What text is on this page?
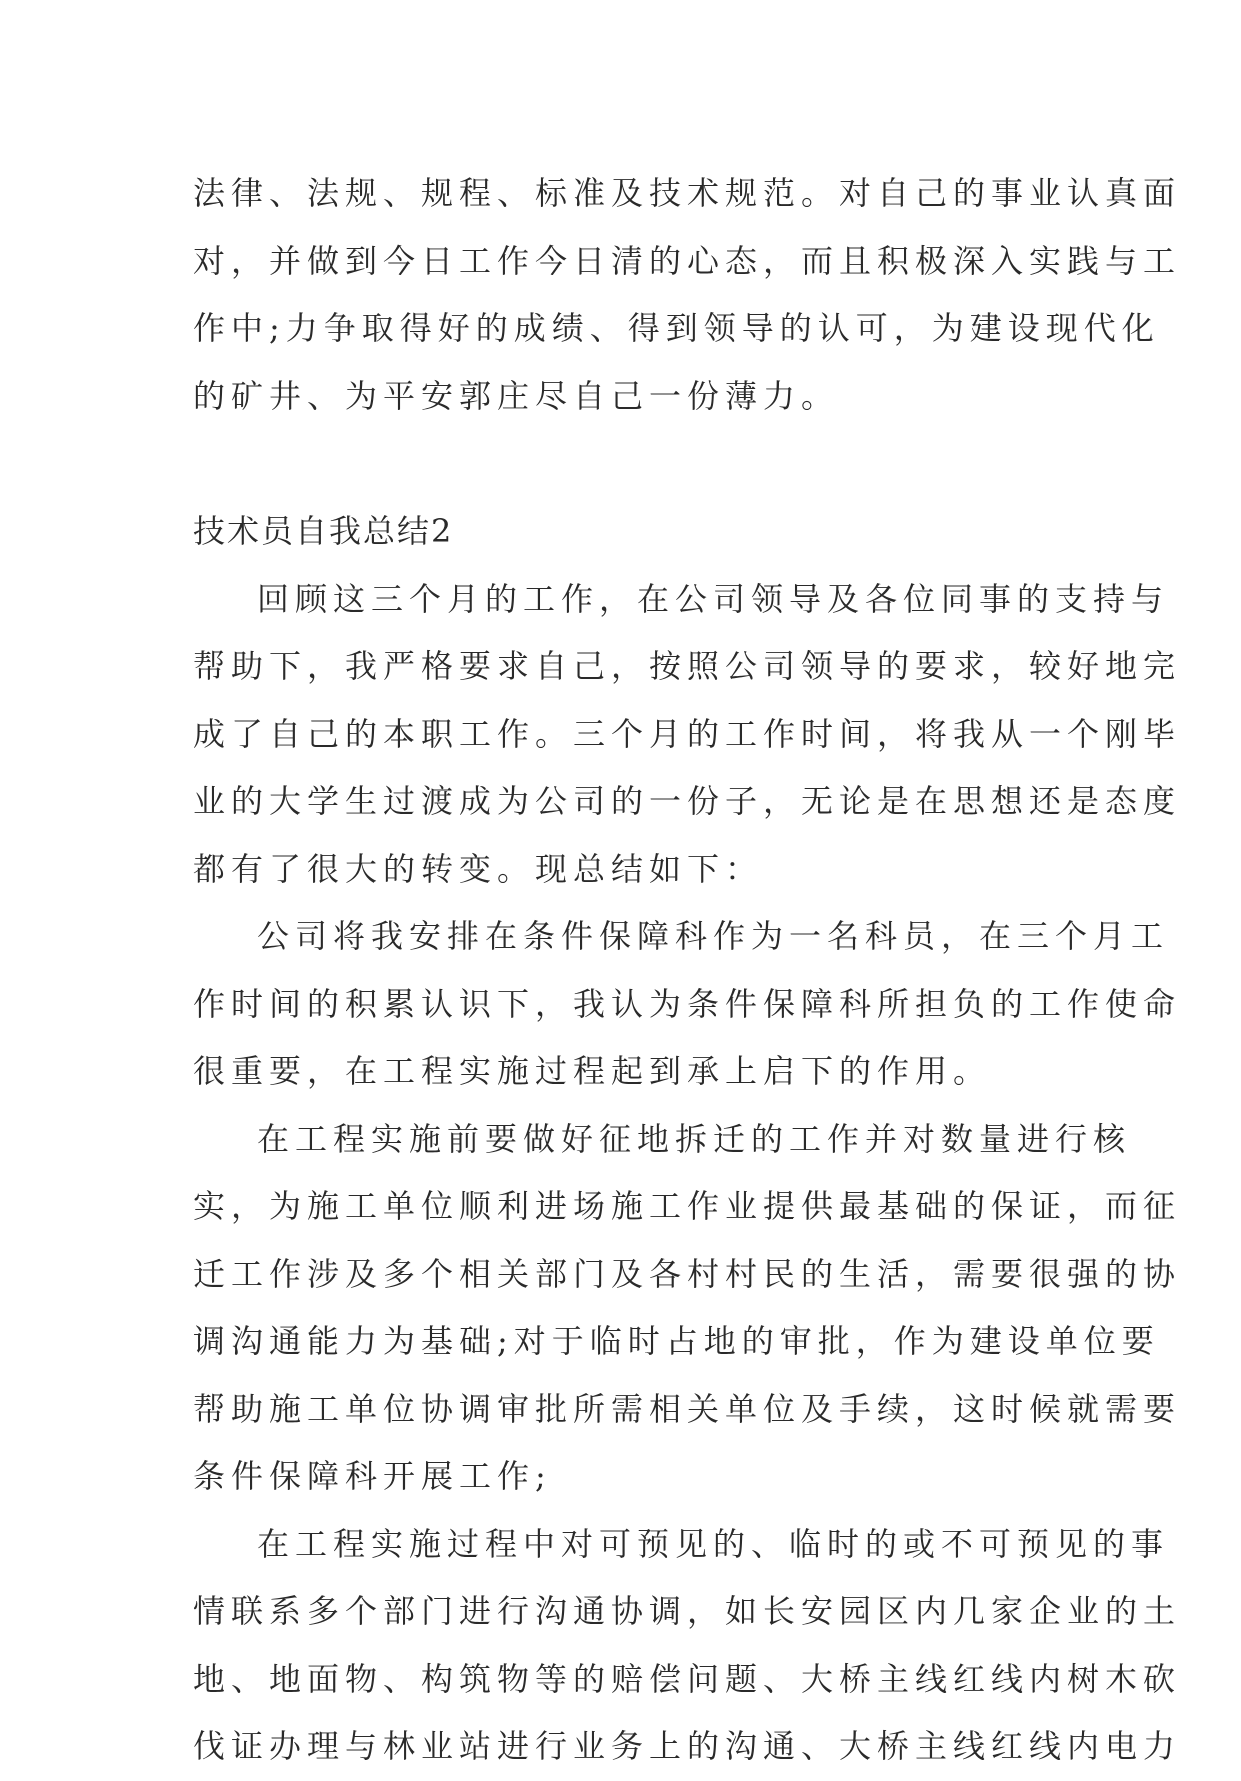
法律、法规、规程、标准及技术规范。对自己的事业认真面
对，并做到今日工作今日清的心态，而且积极深入实践与工
作中;力争取得好的成绩、得到领导的认可，为建设现代化
的矿井、为平安郭庄尽自己一份薄力。
技术员自我总结2
回顾这三个月的工作，在公司领导及各位同事的支持与
帮助下，我严格要求自己，按照公司领导的要求，较好地完
成了自己的本职工作。三个月的工作时间，将我从一个刚毕
业的大学生过渡成为公司的一份子，无论是在思想还是态度
都有了很大的转变。现总结如下：
公司将我安排在条件保障科作为一名科员，在三个月工
作时间的积累认识下，我认为条件保障科所担负的工作使命
很重要，在工程实施过程起到承上启下的作用。
在工程实施前要做好征地拆迁的工作并对数量进行核
实，为施工单位顺利进场施工作业提供最基础的保证，而征
迁工作涉及多个相关部门及各村村民的生活，需要很强的协
调沟通能力为基础;对于临时占地的审批，作为建设单位要
帮助施工单位协调审批所需相关单位及手续，这时候就需要
条件保障科开展工作;
在工程实施过程中对可预见的、临时的或不可预见的事
情联系多个部门进行沟通协调，如长安园区内几家企业的土
地、地面物、构筑物等的赔偿问题、大桥主线红线内树木砍
伐证办理与林业站进行业务上的沟通、大桥主线红线内电力
